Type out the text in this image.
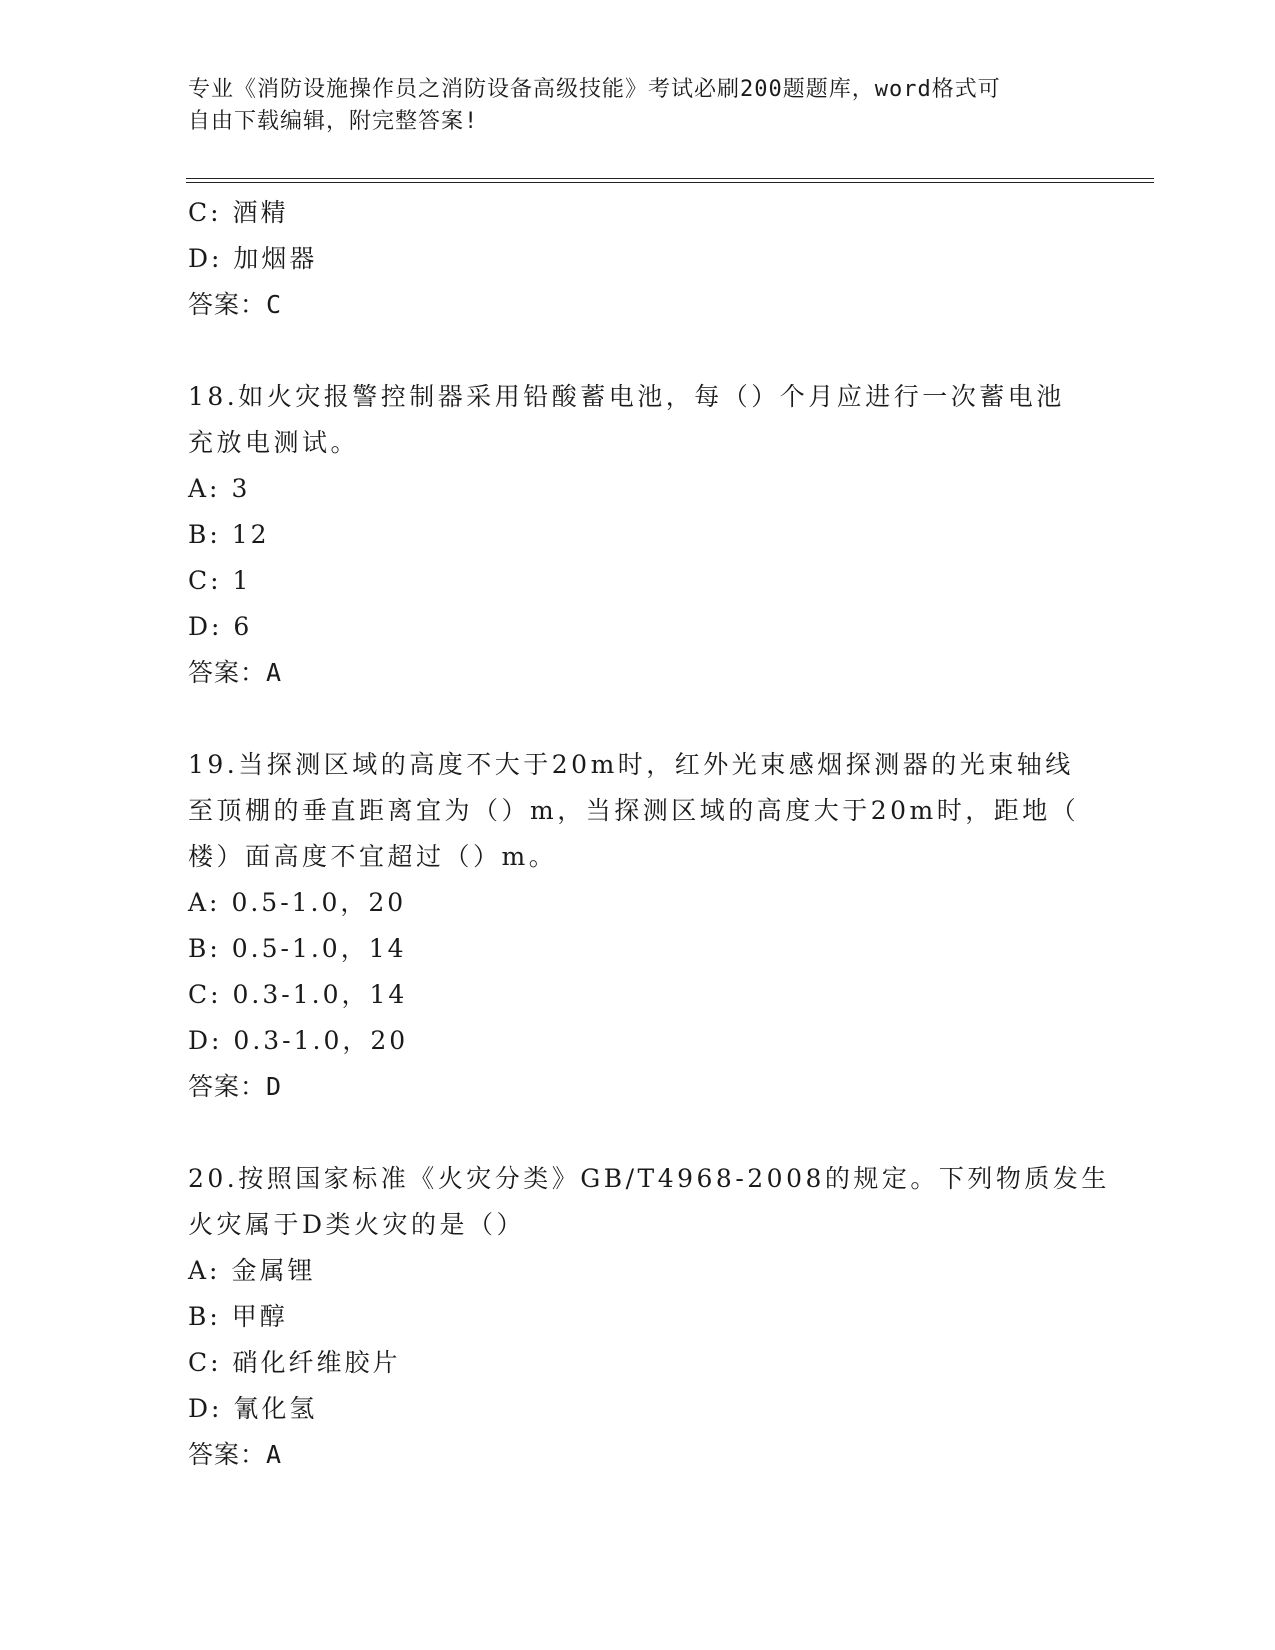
专业《消防设施操作员之消防设备高级技能》考试必刷200题题库，word格式可
自由下载编辑，附完整答案!
C: 酒精
D: 加烟器
答案：C
18.如火灾报警控制器采用铅酸蓄电池，每（）个月应进行一次蓄电池
充放电测试。
A: 3
B: 12
C: 1
D: 6
答案：A
19.当探测区域的高度不大于20m时，红外光束感烟探测器的光束轴线
至顶棚的垂直距离宜为（）m，当探测区域的高度大于20m时，距地（
楼）面高度不宜超过（）m。
A: 0.5-1.0，20
B: 0.5-1.0，14
C: 0.3-1.0，14
D: 0.3-1.0，20
答案：D
20.按照国家标准《火灾分类》GB/T4968-2008的规定。下列物质发生
火灾属于D类火灾的是（）
A: 金属锂
B: 甲醇
C: 硝化纤维胶片
D: 氰化氢
答案：A
